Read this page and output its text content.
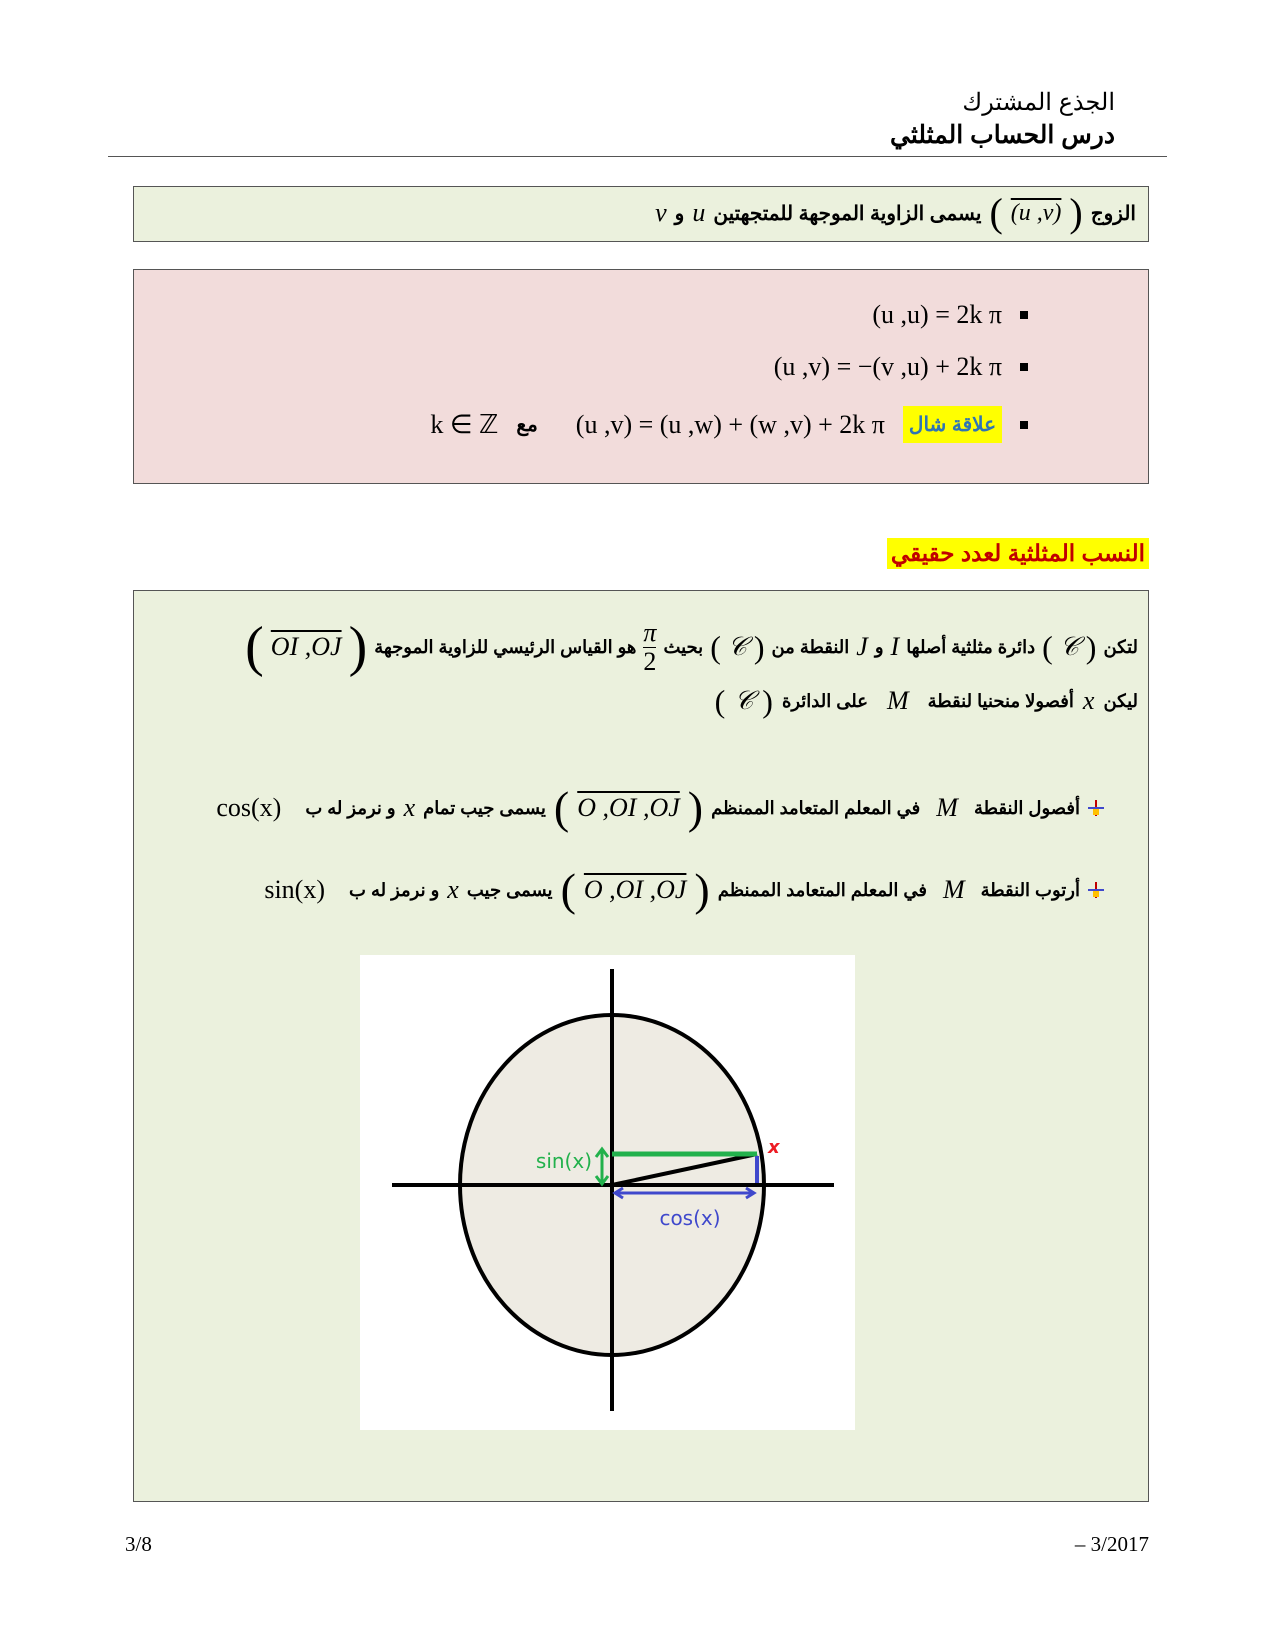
الجذع المشترك
درس الحساب المثلثي
الزوج
(
(u ,v)
)
يسمى الزاوية الموجهة للمتجهتين
u
و
v
(u ,u) = 2k π
(u ,v) = −(v ,u) + 2k π
علاقة شال
(u ,v) = (u ,w) + (w ,v) + 2k π
مع
k ∈ ℤ
النسب المثلثية لعدد حقيقي
لتكن
(
𝒞
)
دائرة مثلثية أصلها
I
و
J
النقطة من
(
𝒞
)
بحيث
$\frac{\pi}{2}$
هو القياس الرئيسي للزاوية الموجهة
(
OI ,OJ
)
ليكن
x
أفصولا منحنيا لنقطة
M
على الدائرة
(
𝒞
)
أفصول النقطة
M
في المعلم المتعامد الممنظم
(
O ,OI ,OJ
)
يسمى جيب تمام
x
و نرمز له ب
cos(x)
أرتوب النقطة
M
في المعلم المتعامد الممنظم
(
O ,OI ,OJ
)
يسمى جيب
x
و نرمز له ب
sin(x)
sin(x)
cos(x)
x
3/8	– 3/2017
